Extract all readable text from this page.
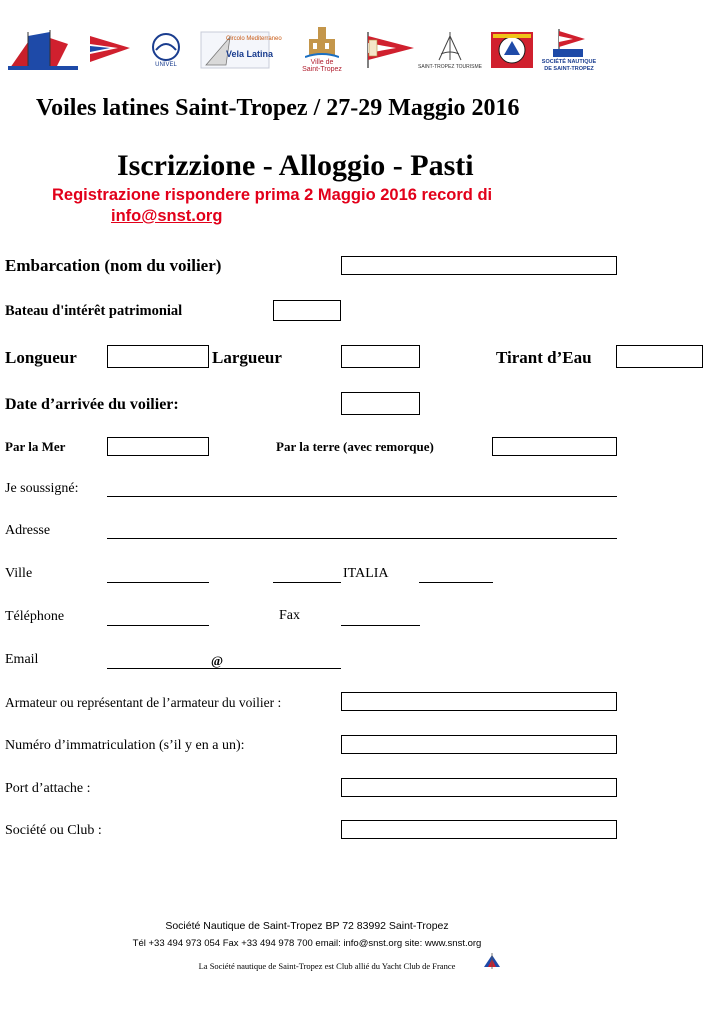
UNIVEL
Circolo Mediterraneo
Vela Latina
Ville de
Saint-Tropez	SAINT-TROPEZ TOURISME
SOCIÉTÉ NAUTIQUE
DE SAINT-TROPEZ
Voiles latines Saint-Tropez / 27-29 Maggio 2016
Iscrizzione - Alloggio - Pasti
Registrazione rispondere prima 2 Maggio 2016 record di
info@snst.org
Embarcation (nom du voilier)
Bateau d'intérêt patrimonial
Longueur	Largueur	Tirant d’Eau
Date d’arrivée du voilier:
Par la Mer	Par la terre (avec remorque)
Je soussigné:
Adresse
Ville	ITALIA
Téléphone	Fax
Email	@
Armateur ou représentant de l’armateur du voilier :
Numéro d’immatriculation (s’il y en a un):
Port d’attache :
Société ou Club :
Société Nautique de Saint-Tropez BP 72 83992 Saint-Tropez
Tél +33 494 973 054 Fax +33 494 978 700 email: info@snst.org site: www.snst.org
La Société nautique de Saint-Tropez est Club allié du Yacht Club de France
